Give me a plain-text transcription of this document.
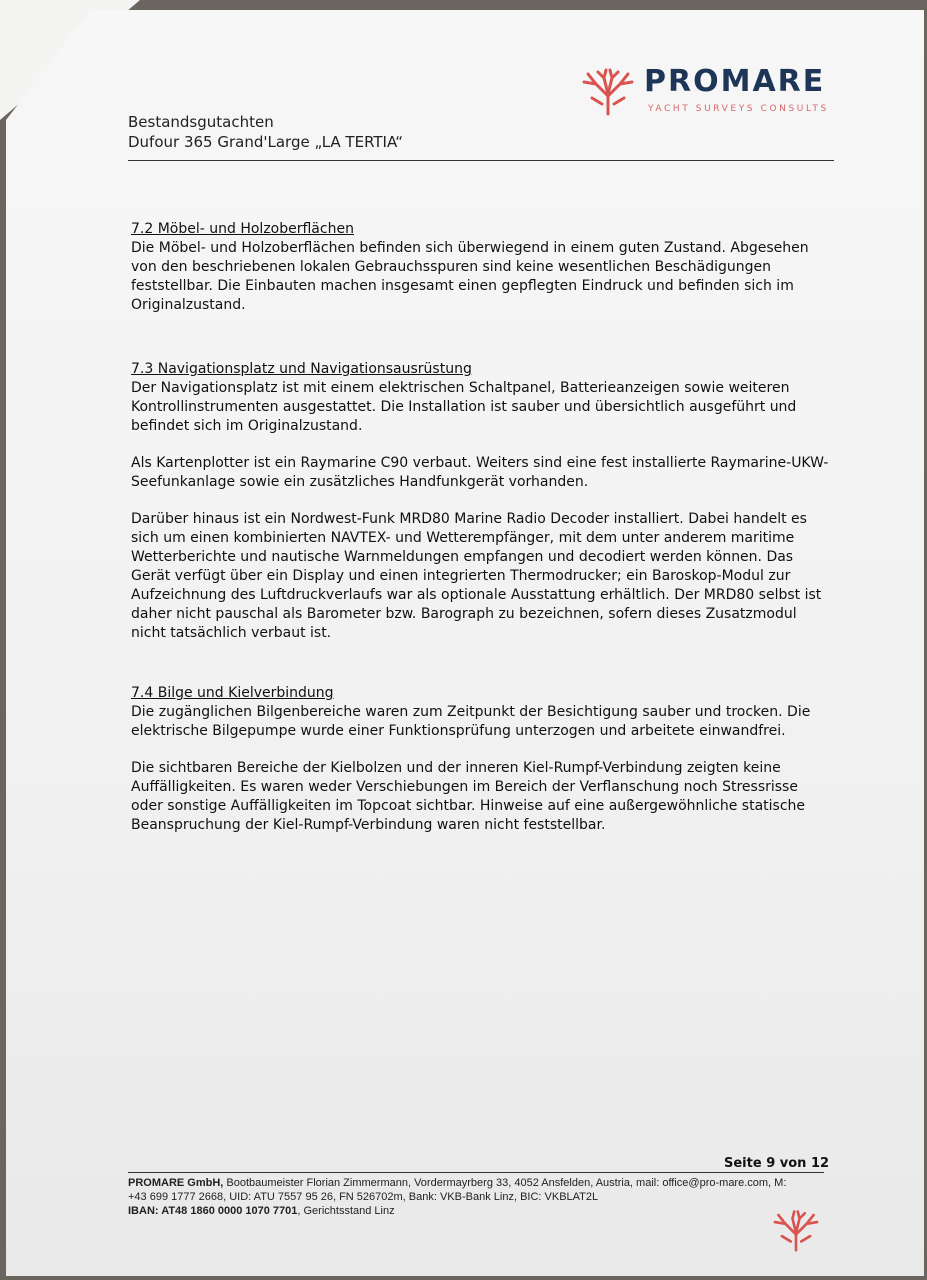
PROMARE
YACHT SURVEYS CONSULTS
Bestandsgutachten
Dufour 365 Grand'Large „LA TERTIA“
7.2 Möbel- und Holzoberflächen

Die Möbel- und Holzoberflächen befinden sich überwiegend in einem guten Zustand. Abgesehen von den beschriebenen lokalen Gebrauchsspuren sind keine wesentlichen Beschädigungen feststellbar. Die Einbauten machen insgesamt einen gepflegten Eindruck und befinden sich im Originalzustand.

7.3 Navigationsplatz und Navigationsausrüstung

Der Navigationsplatz ist mit einem elektrischen Schaltpanel, Batterieanzeigen sowie weiteren Kontrollinstrumenten ausgestattet. Die Installation ist sauber und übersichtlich ausgeführt und befindet sich im Originalzustand.

Als Kartenplotter ist ein Raymarine C90 verbaut. Weiters sind eine fest installierte Raymarine-UKW-Seefunkanlage sowie ein zusätzliches Handfunkgerät vorhanden.

Darüber hinaus ist ein Nordwest-Funk MRD80 Marine Radio Decoder installiert. Dabei handelt es sich um einen kombinierten NAVTEX- und Wetterempfänger, mit dem unter anderem maritime Wetterberichte und nautische Warnmeldungen empfangen und decodiert werden können. Das Gerät verfügt über ein Display und einen integrierten Thermodrucker; ein Baroskop-Modul zur Aufzeichnung des Luftdruckverlaufs war als optionale Ausstattung erhältlich. Der MRD80 selbst ist daher nicht pauschal als Barometer bzw. Barograph zu bezeichnen, sofern dieses Zusatzmodul nicht tatsächlich verbaut ist.

7.4 Bilge und Kielverbindung

Die zugänglichen Bilgenbereiche waren zum Zeitpunkt der Besichtigung sauber und trocken. Die elektrische Bilgepumpe wurde einer Funktionsprüfung unterzogen und arbeitete einwandfrei.

Die sichtbaren Bereiche der Kielbolzen und der inneren Kiel-Rumpf-Verbindung zeigten keine Auffälligkeiten. Es waren weder Verschiebungen im Bereich der Verflanschung noch Stressrisse oder sonstige Auffälligkeiten im Topcoat sichtbar. Hinweise auf eine außergewöhnliche statische Beanspruchung der Kiel-Rumpf-Verbindung waren nicht feststellbar.

Seite 9 von 12
PROMARE GmbH, Bootbaumeister Florian Zimmermann, Vordermayrberg 33, 4052 Ansfelden, Austria, mail: office@pro-mare.com, M: +43 699 1777 2668, UID: ATU 7557 95 26, FN 526702m, Bank: VKB-Bank Linz, BIC: VKBLAT2L
IBAN: AT48 1860 0000 1070 7701, Gerichtsstand Linz
